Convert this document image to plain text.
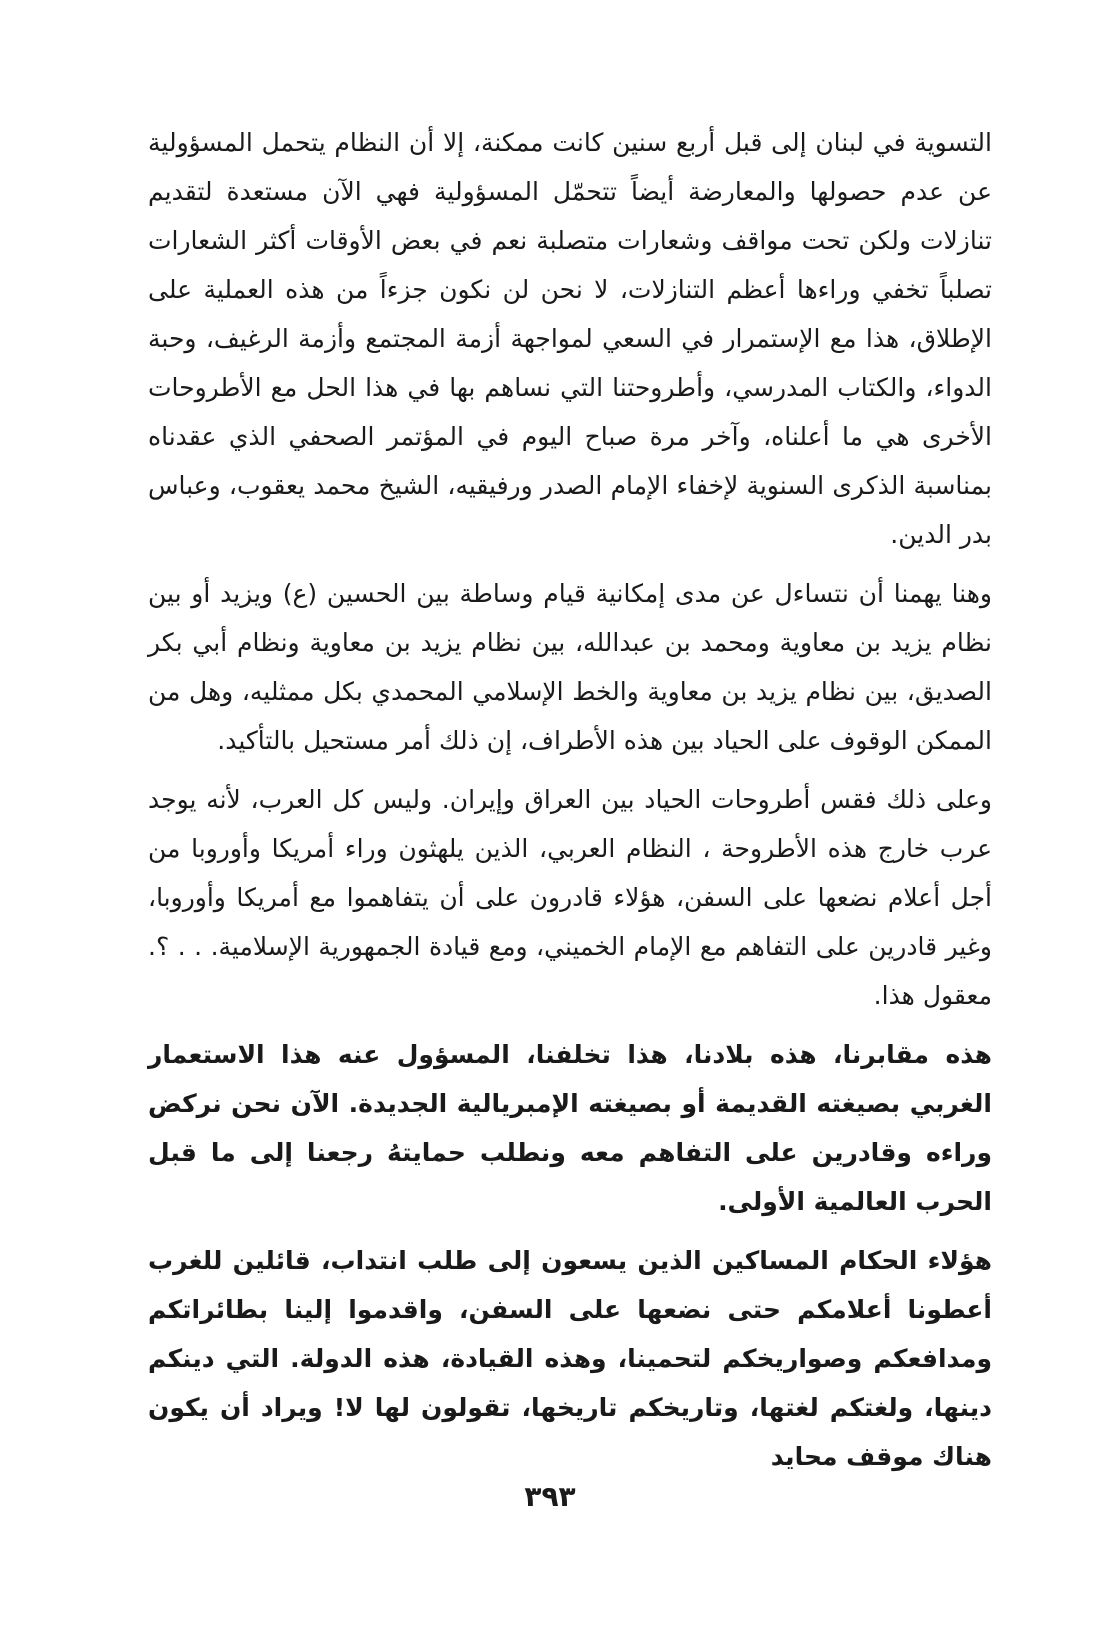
التسوية في لبنان إلى قبل أربع سنين كانت ممكنة، إلا أن النظام يتحمل المسؤولية عن عدم حصولها والمعارضة أيضاً تتحمّل المسؤولية فهي الآن مستعدة لتقديم تنازلات ولكن تحت مواقف وشعارات متصلبة نعم في بعض الأوقات أكثر الشعارات تصلباً تخفي وراءها أعظم التنازلات، لا نحن لن نكون جزءاً من هذه العملية على الإطلاق، هذا مع الإستمرار في السعي لمواجهة أزمة المجتمع وأزمة الرغيف، وحبة الدواء، والكتاب المدرسي، وأطروحتنا التي نساهم بها في هذا الحل مع الأطروحات الأخرى هي ما أعلناه، وآخر مرة صباح اليوم في المؤتمر الصحفي الذي عقدناه بمناسبة الذكرى السنوية لإخفاء الإمام الصدر ورفيقيه، الشيخ محمد يعقوب، وعباس بدر الدين.

وهنا يهمنا أن نتساءل عن مدى إمكانية قيام وساطة بين الحسين (ع) ويزيد أو بين نظام يزيد بن معاوية ومحمد بن عبدالله، بين نظام يزيد بن معاوية ونظام أبي بكر الصديق، بين نظام يزيد بن معاوية والخط الإسلامي المحمدي بكل ممثليه، وهل من الممكن الوقوف على الحياد بين هذه الأطراف، إن ذلك أمر مستحيل بالتأكيد.

وعلى ذلك فقس أطروحات الحياد بين العراق وإيران. وليس كل العرب، لأنه يوجد عرب خارج هذه الأطروحة ، النظام العربي، الذين يلهثون وراء أمريكا وأوروبا من أجل أعلام نضعها على السفن، هؤلاء قادرون على أن يتفاهموا مع أمريكا وأوروبا، وغير قادرين على التفاهم مع الإمام الخميني، ومع قيادة الجمهورية الإسلامية. . . ؟. معقول هذا.

هذه مقابرنا، هذه بلادنا، هذا تخلفنا، المسؤول عنه هذا الاستعمار الغربي بصيغته القديمة أو بصيغته الإمبريالية الجديدة. الآن نحن نركض وراءه وقادرين على التفاهم معه ونطلب حمايتهُ رجعنا إلى ما قبل الحرب العالمية الأولى.

هؤلاء الحكام المساكين الذين يسعون إلى طلب انتداب، قائلين للغرب أعطونا أعلامكم حتى نضعها على السفن، واقدموا إلينا بطائراتكم ومدافعكم وصواريخكم لتحمينا، وهذه القيادة، هذه الدولة. التي دينكم دينها، ولغتكم لغتها، وتاريخكم تاريخها، تقولون لها لا! ويراد أن يكون هناك موقف محايد

٣٩٣
